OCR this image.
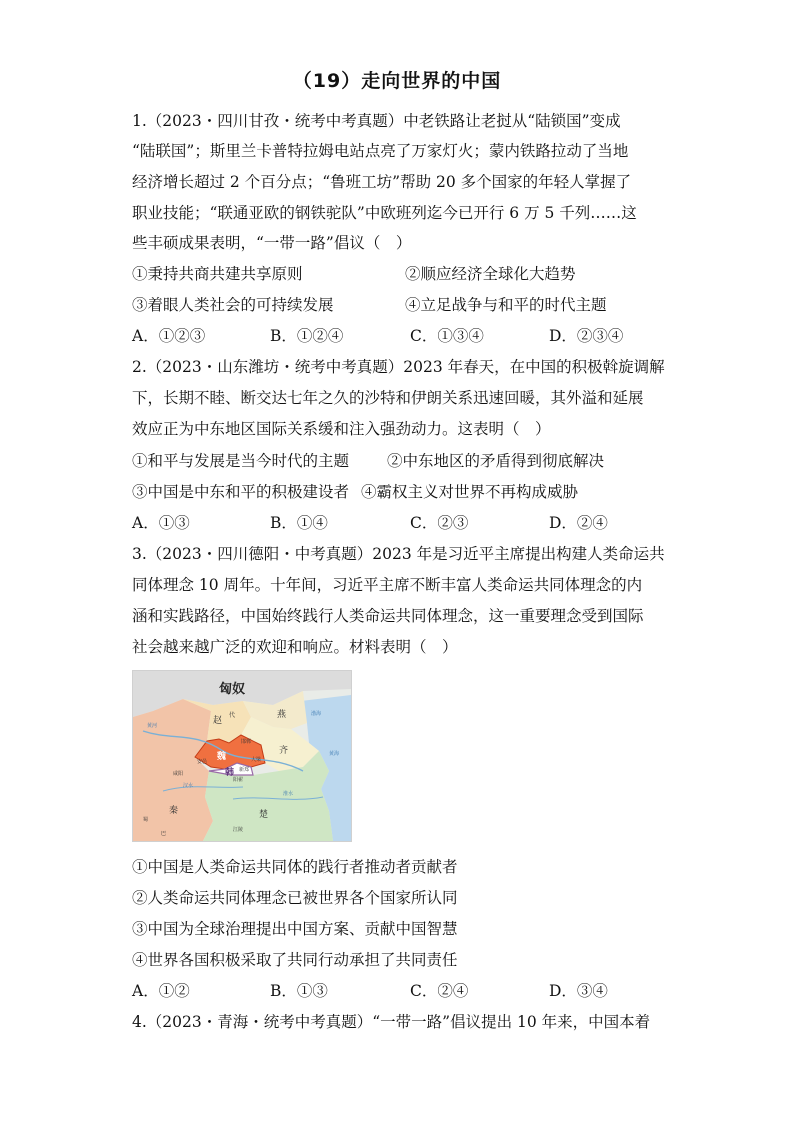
（19）走向世界的中国
1.（2023・四川甘孜・统考中考真题）中老铁路让老挝从“陆锁国”变成
“陆联国”；斯里兰卡普特拉姆电站点亮了万家灯火；蒙内铁路拉动了当地
经济增长超过 2 个百分点；“鲁班工坊”帮助 20 多个国家的年轻人掌握了
职业技能；“联通亚欧的钢铁驼队”中欧班列迄今已开行 6 万 5 千列……这
些丰硕成果表明，“一带一路”倡议（　）
①秉持共商共建共享原则	②顺应经济全球化大趋势
③着眼人类社会的可持续发展	④立足战争与和平的时代主题
A．①②③	B．①②④	C．①③④	D．②③④
2.（2023・山东潍坊・统考中考真题）2023 年春天，在中国的积极斡旋调解
下，长期不睦、断交达七年之久的沙特和伊朗关系迅速回暖，其外溢和延展
效应正为中东地区国际关系缓和注入强劲动力。这表明（　）
①和平与发展是当今时代的主题 ②中东地区的矛盾得到彻底解决
③中国是中东和平的积极建设者 ④霸权主义对世界不再构成威胁
A．①③	B．①④	C．②③	D．②④
3.（2023・四川德阳・中考真题）2023 年是习近平主席提出构建人类命运共
同体理念 10 周年。十年间，习近平主席不断丰富人类命运共同体理念的内
涵和实践路径，中国始终践行人类命运共同体理念，这一重要理念受到国际
社会越来越广泛的欢迎和响应。材料表明（　）
匈奴
赵
代	燕
齐
魏
韩
秦	楚
邯郸
安邑	大梁
阳翟
新郑
咸阳
黄河
汉水
淮水
黄海
渤海
巴
蜀
江陵
①中国是人类命运共同体的践行者推动者贡献者
②人类命运共同体理念已被世界各个国家所认同
③中国为全球治理提出中国方案、贡献中国智慧
④世界各国积极采取了共同行动承担了共同责任
A．①②	B．①③	C．②④	D．③④
4.（2023・青海・统考中考真题）“一带一路”倡议提出 10 年来，中国本着
